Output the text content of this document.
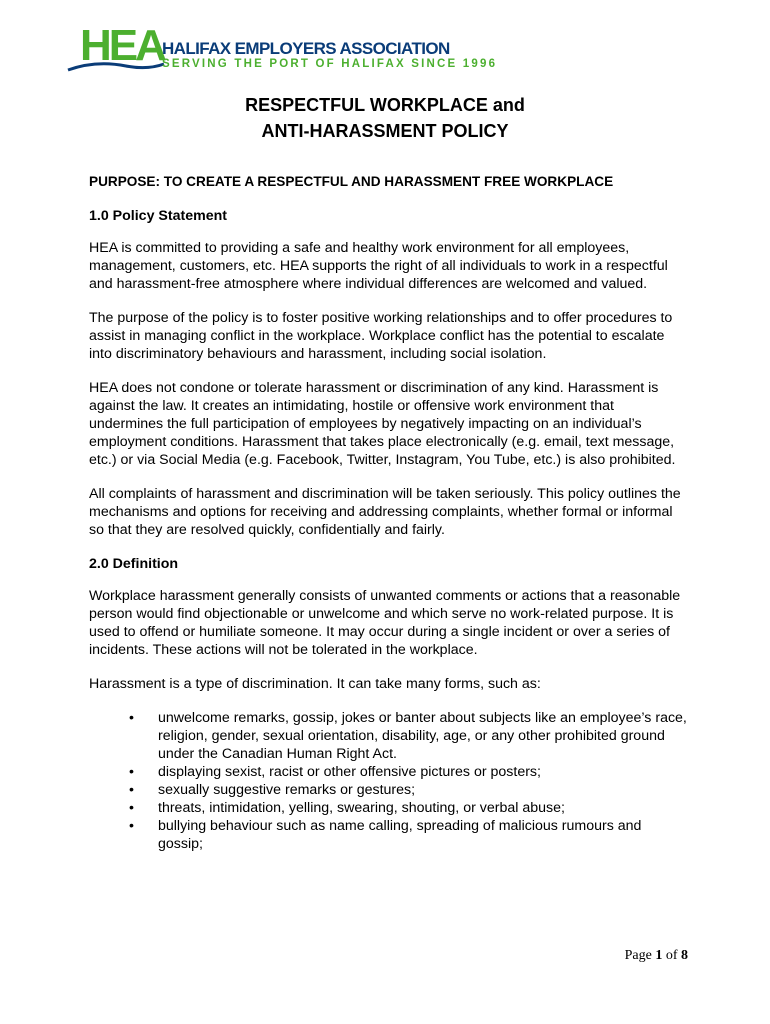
HEA
HALIFAX EMPLOYERS ASSOCIATION
SERVING THE PORT OF HALIFAX SINCE 1996
RESPECTFUL WORKPLACE and
ANTI-HARASSMENT POLICY
PURPOSE: TO CREATE A RESPECTFUL AND HARASSMENT FREE WORKPLACE
1.0 Policy Statement

HEA is committed to providing a safe and healthy work environment for all employees, management, customers, etc. HEA supports the right of all individuals to work in a respectful and harassment-free atmosphere where individual differences are welcomed and valued.

The purpose of the policy is to foster positive working relationships and to offer procedures to assist in managing conflict in the workplace. Workplace conflict has the potential to escalate into discriminatory behaviours and harassment, including social isolation.

HEA does not condone or tolerate harassment or discrimination of any kind. Harassment is against the law. It creates an intimidating, hostile or offensive work environment that undermines the full participation of employees by negatively impacting on an individual’s employment conditions. Harassment that takes place electronically (e.g. email, text message, etc.) or via Social Media (e.g. Facebook, Twitter, Instagram, You Tube, etc.) is also prohibited.

All complaints of harassment and discrimination will be taken seriously. This policy outlines the mechanisms and options for receiving and addressing complaints, whether formal or informal so that they are resolved quickly, confidentially and fairly.

2.0 Definition

Workplace harassment generally consists of unwanted comments or actions that a reasonable person would find objectionable or unwelcome and which serve no work-related purpose. It is used to offend or humiliate someone. It may occur during a single incident or over a series of incidents. These actions will not be tolerated in the workplace.

Harassment is a type of discrimination. It can take many forms, such as:

• unwelcome remarks, gossip, jokes or banter about subjects like an employee’s race, religion, gender, sexual orientation, disability, age, or any other prohibited ground under the Canadian Human Right Act.
• displaying sexist, racist or other offensive pictures or posters;
• sexually suggestive remarks or gestures;
• threats, intimidation, yelling, swearing, shouting, or verbal abuse;
• bullying behaviour such as name calling, spreading of malicious rumours and gossip;
Page 1 of 8
